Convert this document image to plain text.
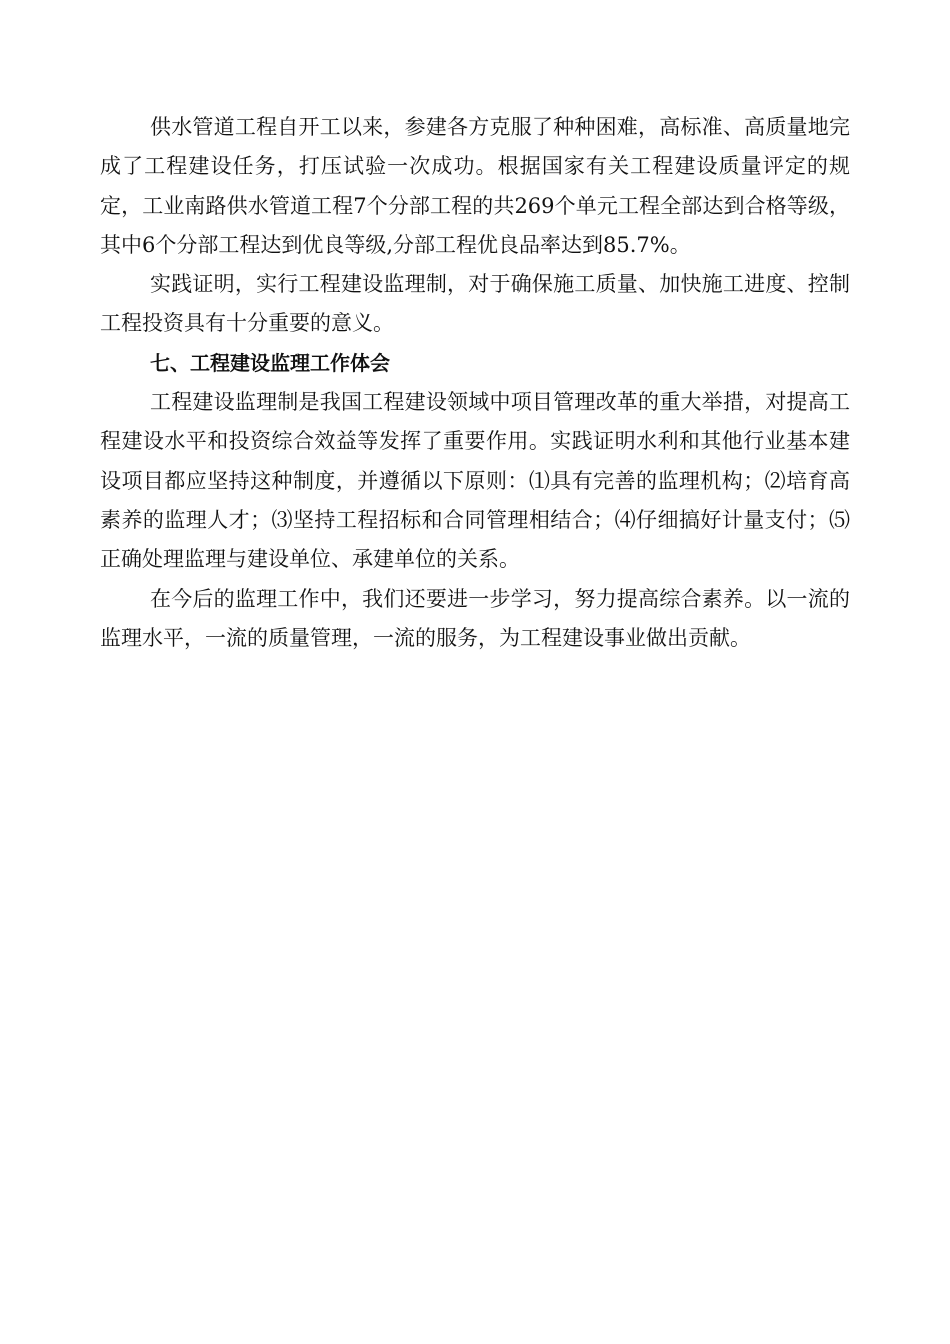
供水管道工程自开工以来，参建各方克服了种种困难，高标准、高质量地完成了工程建设任务，打压试验一次成功。根据国家有关工程建设质量评定的规定，工业南路供水管道工程7个分部工程的共269个单元工程全部达到合格等级，其中6个分部工程达到优良等级,分部工程优良品率达到85.7%。

实践证明，实行工程建设监理制，对于确保施工质量、加快施工进度、控制工程投资具有十分重要的意义。

七、工程建设监理工作体会

工程建设监理制是我国工程建设领域中项目管理改革的重大举措，对提高工程建设水平和投资综合效益等发挥了重要作用。实践证明水利和其他行业基本建设项目都应坚持这种制度，并遵循以下原则：⑴具有完善的监理机构；⑵培育高素养的监理人才；⑶坚持工程招标和合同管理相结合；⑷仔细搞好计量支付；⑸正确处理监理与建设单位、承建单位的关系。

在今后的监理工作中，我们还要进一步学习，努力提高综合素养。以一流的监理水平，一流的质量管理，一流的服务，为工程建设事业做出贡献。
